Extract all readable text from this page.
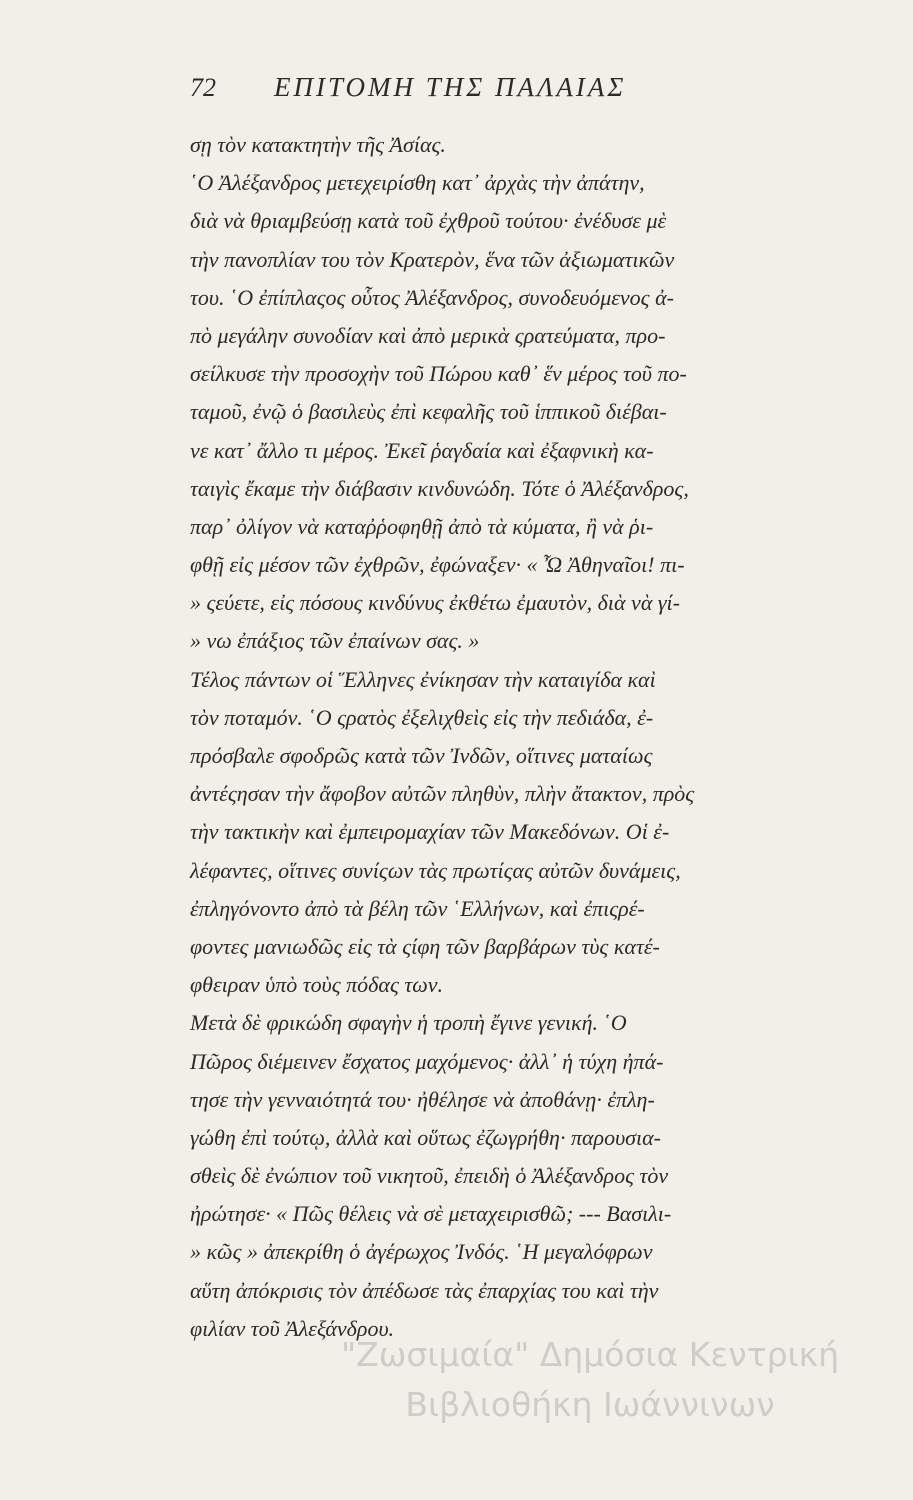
72 ΕΠΙΤΟΜΗ ΤΗΣ ΠΑΛΑΙΑΣ
σῃ τὸν κατακτητὴν τῆς Ἀσίας.
῾Ο Ἀλέξανδρος μετεχειρίσθη κατ᾽ ἀρχὰς τὴν ἀπάτην,
διὰ νὰ θριαμβεύσῃ κατὰ τοῦ ἐχθροῦ τούτου· ἐνέδυσε μὲ
τὴν πανοπλίαν του τὸν Κρατερὸν, ἕνα τῶν ἀξιωματικῶν
του. ῾Ο ἐπίπλαςος οὗτος Ἀλέξανδρος, συνοδευόμενος ἀ-
πὸ μεγάλην συνοδίαν καὶ ἀπὸ μερικὰ ςρατεύματα, πρo-
σείλκυσε τὴν προσοχὴν τοῦ Πώρου καθ᾽ ἕν μέρος τοῦ πο-
ταμοῦ, ἐνῷ ὁ βασιλεὺς ἐπὶ κεφαλῆς τοῦ ἱππικοῦ διέβαι-
νε κατ᾽ ἄλλο τι μέρος. Ἐκεῖ ῥαγδαία καὶ ἐξαφνικὴ κα-
ταιγὶς ἔκαμε τὴν διάβασιν κινδυνώδη. Τότε ὁ Ἀλέξανδρος,
παρ᾽ ὀλίγον νὰ καταῤῥοφηθῇ ἀπὸ τὰ κύματα, ἢ νὰ ῥι-
φθῇ εἰς μέσον τῶν ἐχθρῶν, ἐφώναξεν· « Ὦ Ἀθηναῖοι! πι-
» ςεύετε, εἰς πόσους κινδύνυς ἐκθέτω ἐμαυτὸν, διὰ νὰ γί-
» νω ἐπάξιος τῶν ἐπαίνων σας. »
Τέλος πάντων οἱ Ἕλληνες ἐνίκησαν τὴν καταιγίδα καὶ
τὸν ποταμόν. ῾Ο ςρατὸς ἐξελιχθεὶς εἰς τὴν πεδιάδα, ἐ-
πρόσβαλε σφοδρῶς κατὰ τῶν Ἰνδῶν, οἵτινες ματαίως
ἀντέςησαν τὴν ἄφοβον αὐτῶν πληθὺν, πλὴν ἄτακτον, πρὸς
τὴν τακτικὴν καὶ ἐμπειρομαχίαν τῶν Μακεδόνων. Οἱ ἐ-
λέφαντες, οἵτινες συνίςων τὰς πρωτίςας αὐτῶν δυνάμεις,
ἐπληγόνοντο ἀπὸ τὰ βέλη τῶν ῾Ελλήνων, καὶ ἐπιςρέ-
φοντες μανιωδῶς εἰς τὰ ςίφη τῶν βαρβάρων τὺς κατέ-
φθειραν ὑπὸ τοὺς πόδας των.
Μετὰ δὲ φρικώδη σφαγὴν ἡ τροπὴ ἔγινε γενική. ῾Ο
Πῶρος διέμεινεν ἔσχατος μαχόμενος· ἀλλ᾽ ἡ τύχη ἠπά-
τησε τὴν γενναιότητά του· ἠθέλησε νὰ ἀποθάνῃ· ἐπλη-
γώθη ἐπὶ τούτῳ, ἀλλὰ καὶ οὕτως ἐζωγρήθη· παρουσια-
σθεὶς δὲ ἐνώπιον τοῦ νικητοῦ, ἐπειδὴ ὁ Ἀλέξανδρος τὸν
ἠρώτησε· « Πῶς θέλεις νὰ σὲ μεταχειρισθῶ; --- Βασιλι-
» κῶς » ἀπεκρίθη ὁ ἀγέρωχος Ἰνδός. ῾Η μεγαλόφρων
αὕτη ἀπόκρισις τὸν ἀπέδωσε τὰς ἐπαρχίας του καὶ τὴν
φιλίαν τοῦ Ἀλεξάνδρου.
"Ζωσιμαία" Δημόσια Κεντρική
Βιβλιοθήκη Ιωάννινων
